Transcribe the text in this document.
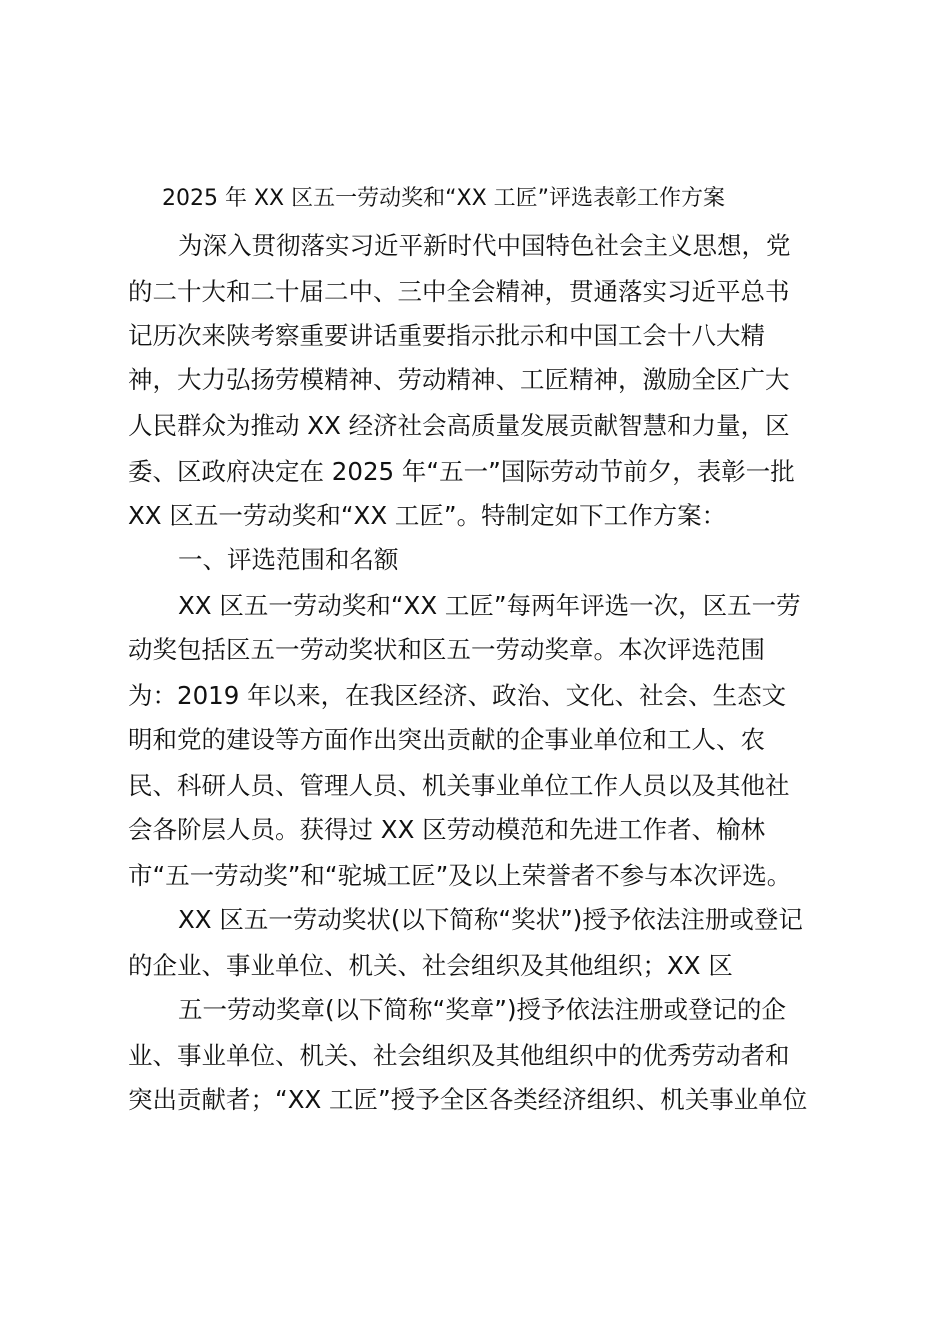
2025 年 XX 区五一劳动奖和“XX 工匠”评选表彰工作方案
为深入贯彻落实习近平新时代中国特色社会主义思想，党
的二十大和二十届二中、三中全会精神，贯通落实习近平总书
记历次来陕考察重要讲话重要指示批示和中国工会十八大精
神，大力弘扬劳模精神、劳动精神、工匠精神，激励全区广大
人民群众为推动 XX 经济社会高质量发展贡献智慧和力量，区
委、区政府决定在 2025 年“五一”国际劳动节前夕，表彰一批
XX 区五一劳动奖和“XX 工匠”。特制定如下工作方案：
一、评选范围和名额
XX 区五一劳动奖和“XX 工匠”每两年评选一次，区五一劳
动奖包括区五一劳动奖状和区五一劳动奖章。本次评选范围
为：2019 年以来，在我区经济、政治、文化、社会、生态文
明和党的建设等方面作出突出贡献的企事业单位和工人、农
民、科研人员、管理人员、机关事业单位工作人员以及其他社
会各阶层人员。获得过 XX 区劳动模范和先进工作者、榆林
市“五一劳动奖”和“驼城工匠”及以上荣誉者不参与本次评选。
XX 区五一劳动奖状(以下简称“奖状”)授予依法注册或登记
的企业、事业单位、机关、社会组织及其他组织；XX 区
五一劳动奖章(以下简称“奖章”)授予依法注册或登记的企
业、事业单位、机关、社会组织及其他组织中的优秀劳动者和
突出贡献者；“XX 工匠”授予全区各类经济组织、机关事业单位
